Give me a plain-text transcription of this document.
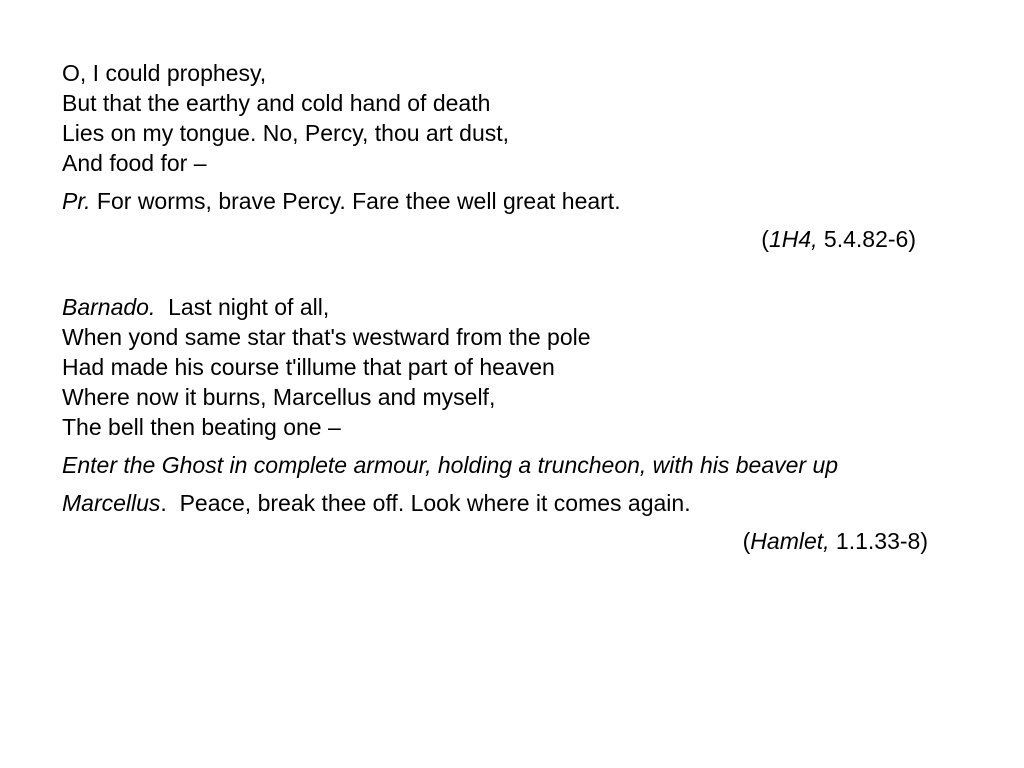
O, I could prophesy,
But that the earthy and cold hand of death
Lies on my tongue. No, Percy, thou art dust,
And food for –
Pr. For worms, brave Percy. Fare thee well great heart.
(1H4, 5.4.82-6)
Barnado.  Last night of all,
When yond same star that's westward from the pole
Had made his course t'illume that part of heaven
Where now it burns, Marcellus and myself,
The bell then beating one –
Enter the Ghost in complete armour, holding a truncheon, with his beaver up
Marcellus.  Peace, break thee off. Look where it comes again.
(Hamlet, 1.1.33-8)
